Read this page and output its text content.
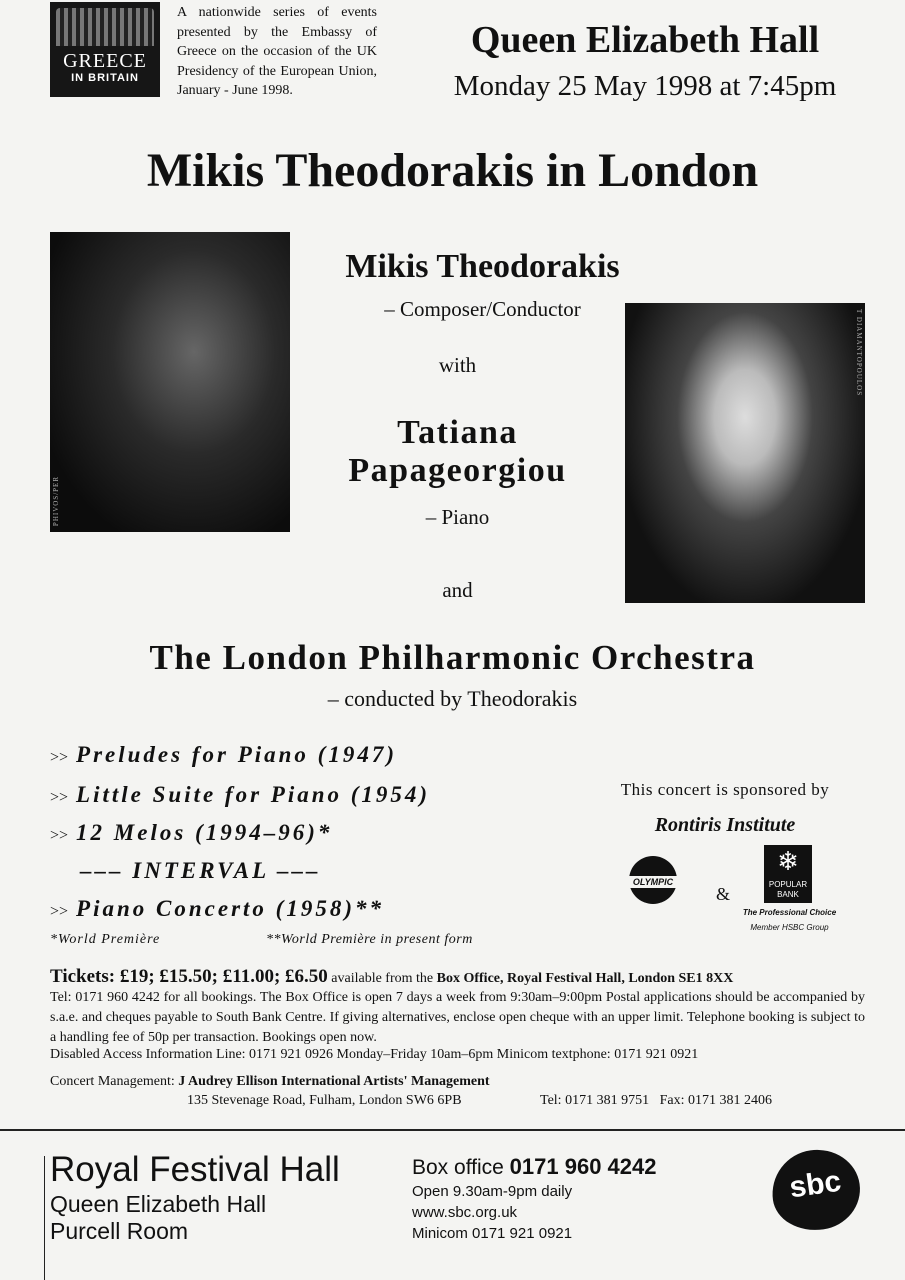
GREECE
IN BRITAIN
A nationwide series of events presented by the Embassy of Greece on the occasion of the UK Presidency of the European Union, January - June 1998.
Queen Elizabeth Hall
Monday 25 May 1998 at 7:45pm
Mikis Theodorakis in London
PHIVOS/PER
T DIAMANTOPOULOS
Mikis Theodorakis
– Composer/Conductor
with
Tatiana
Papageorgiou
– Piano
and
The London Philharmonic Orchestra
– conducted by Theodorakis
>> Preludes for Piano (1947)
>> Little Suite for Piano (1954)
>> 12 Melos (1994–96)*
––– INTERVAL –––
>> Piano Concerto (1958)**
*World Première	**World Première in present form
This concert is sponsored by
Rontiris Institute
OLYMPIC
&
❄
POPULAR BANK
The Professional Choice
Member HSBC Group
Tickets: £19; £15.50; £11.00; £6.50 available from the Box Office, Royal Festival Hall, London SE1 8XX
Tel: 0171 960 4242 for all bookings. The Box Office is open 7 days a week from 9:30am–9:00pm Postal applications should be accompanied by s.a.e. and cheques payable to South Bank Centre. If giving alternatives, enclose open cheque with an upper limit. Telephone booking is subject to a handling fee of 50p per transaction. Bookings open now.
Disabled Access Information Line: 0171 921 0926 Monday–Friday 10am–6pm Minicom textphone: 0171 921 0921
Concert Management: J Audrey Ellison International Artists' Management
135 Stevenage Road, Fulham, London SW6 6PB	Tel: 0171 381 9751   Fax: 0171 381 2406
Royal Festival Hall
Queen Elizabeth Hall
Purcell Room
Box office 0171 960 4242
Open 9.30am-9pm daily
www.sbc.org.uk
Minicom 0171 921 0921
sbc
